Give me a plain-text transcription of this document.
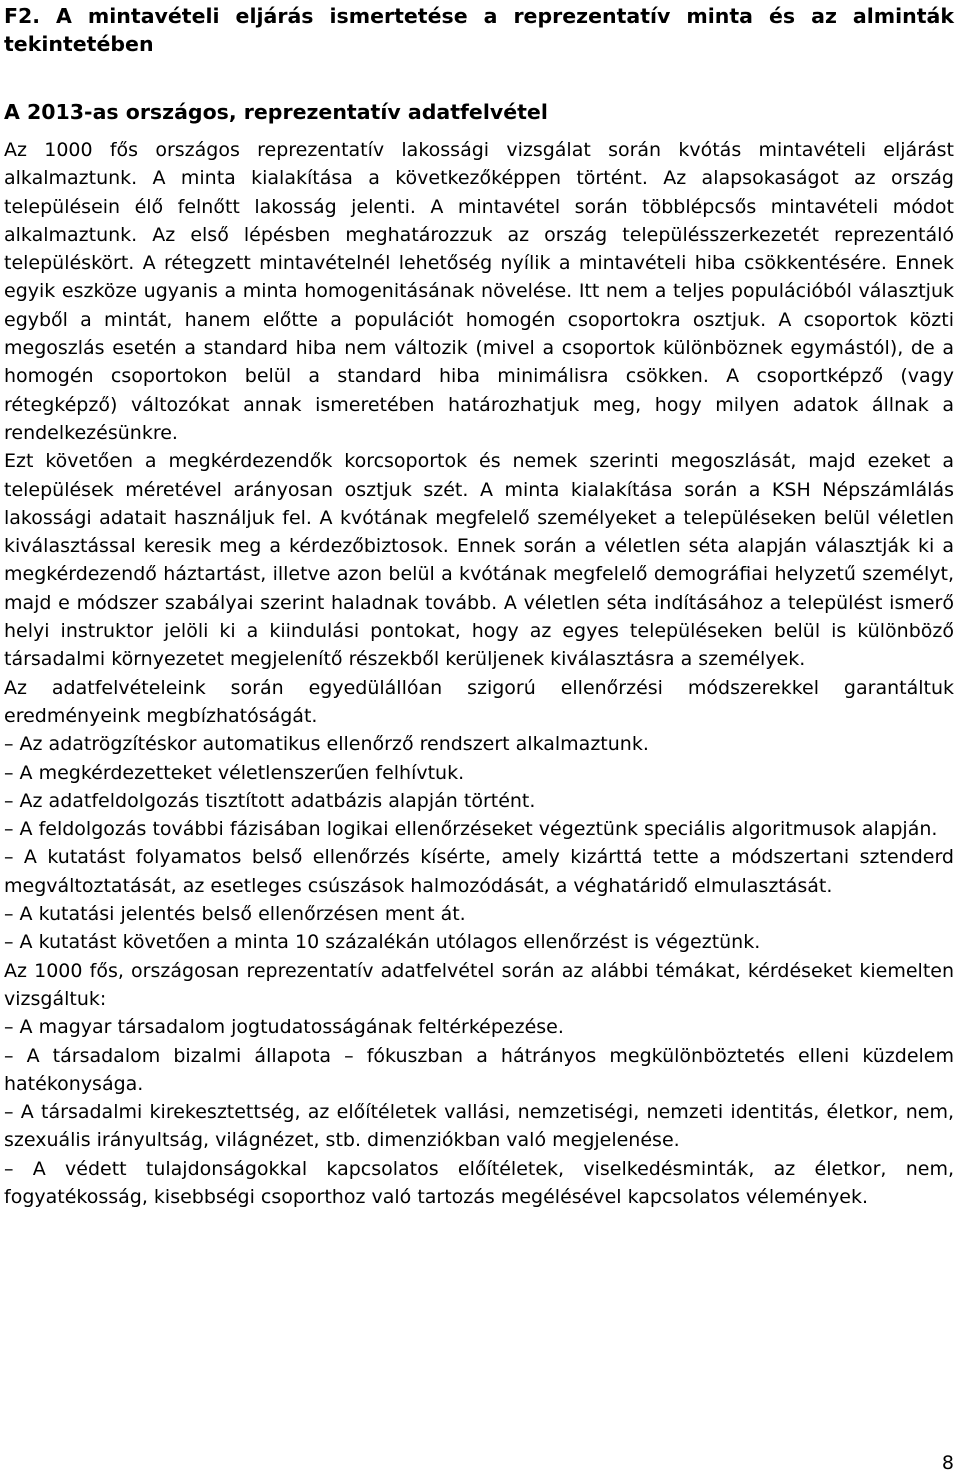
F2. A mintavételi eljárás ismertetése a reprezentatív minta és az alminták tekintetében
A 2013-as országos, reprezentatív adatfelvétel

Az 1000 fős országos reprezentatív lakossági vizsgálat során kvótás mintavételi eljárást alkalmaztunk. A minta kialakítása a következőképpen történt. Az alapsokaságot az ország településein élő felnőtt lakosság jelenti. A mintavétel során többlépcsős mintavételi módot alkalmaztunk. Az első lépésben meghatározzuk az ország településszerkezetét reprezentáló településkört. A rétegzett mintavételnél lehetőség nyílik a mintavételi hiba csökkentésére. Ennek egyik eszköze ugyanis a minta homogenitásának növelése. Itt nem a teljes populációból választjuk egyből a mintát, hanem előtte a populációt homogén csoportokra osztjuk. A csoportok közti megoszlás esetén a standard hiba nem változik (mivel a csoportok különböznek egymástól), de a homogén csoportokon belül a standard hiba minimálisra csökken. A csoportképző (vagy rétegképző) változókat annak ismeretében határozhatjuk meg, hogy milyen adatok állnak a rendelkezésünkre.

Ezt követően a megkérdezendők korcsoportok és nemek szerinti megoszlását, majd ezeket a települések méretével arányosan osztjuk szét. A minta kialakítása során a KSH Népszámlálás lakossági adatait használjuk fel. A kvótának megfelelő személyeket a településeken belül véletlen kiválasztással keresik meg a kérdezőbiztosok. Ennek során a véletlen séta alapján választják ki a megkérdezendő háztartást, illetve azon belül a kvótának megfelelő demográfiai helyzetű személyt, majd e módszer szabályai szerint haladnak tovább. A véletlen séta indításához a települést ismerő helyi instruktor jelöli ki a kiindulási pontokat, hogy az egyes településeken belül is különböző társadalmi környezetet megjelenítő részekből kerüljenek kiválasztásra a személyek.

Az adatfelvételeink során egyedülállóan szigorú ellenőrzési módszerekkel garantáltuk eredményeink megbízhatóságát.

– Az adatrögzítéskor automatikus ellenőrző rendszert alkalmaztunk.

– A megkérdezetteket véletlenszerűen felhívtuk.

– Az adatfeldolgozás tisztított adatbázis alapján történt.

– A feldolgozás további fázisában logikai ellenőrzéseket végeztünk speciális algoritmusok alapján.

– A kutatást folyamatos belső ellenőrzés kísérte, amely kizárttá tette a módszertani sztenderd megváltoztatását, az esetleges csúszások halmozódását, a véghatáridő elmulasztását.

– A kutatási jelentés belső ellenőrzésen ment át.

– A kutatást követően a minta 10 százalékán utólagos ellenőrzést is végeztünk.

Az 1000 fős, országosan reprezentatív adatfelvétel során az alábbi témákat, kérdéseket kiemelten vizsgáltuk:

– A magyar társadalom jogtudatosságának feltérképezése.

– A társadalom bizalmi állapota – fókuszban a hátrányos megkülönböztetés elleni küzdelem hatékonysága.

– A társadalmi kirekesztettség, az előítéletek vallási, nemzetiségi, nemzeti identitás, életkor, nem, szexuális irányultság, világnézet, stb. dimenziókban való megjelenése.

– A védett tulajdonságokkal kapcsolatos előítéletek, viselkedésminták, az életkor, nem, fogyatékosság, kisebbségi csoporthoz való tartozás megélésével kapcsolatos vélemények.

8
